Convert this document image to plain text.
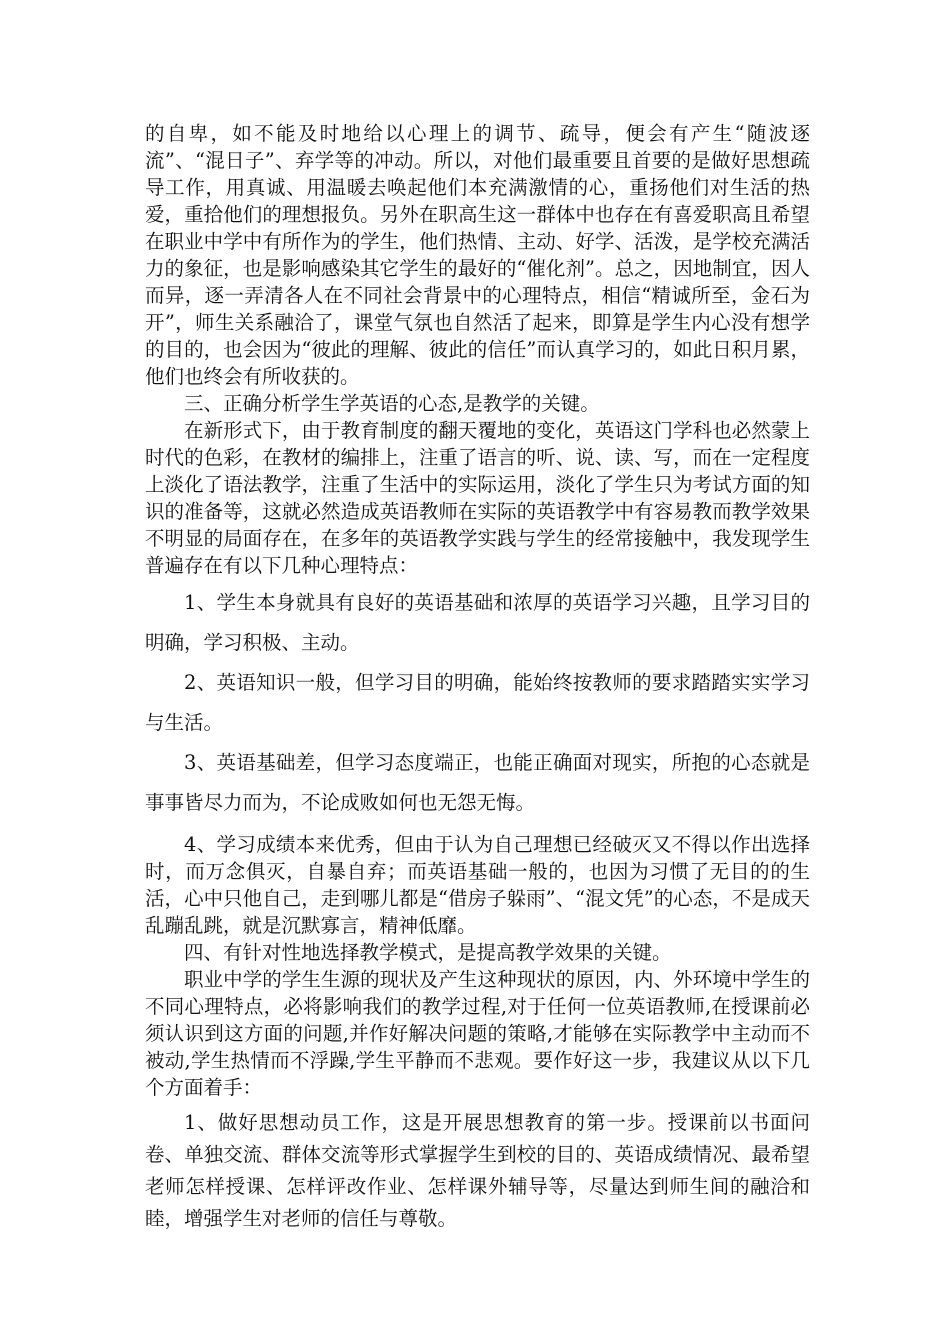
的自卑，如不能及时地给以心理上的调节、疏导，便会有产生“随波逐流”、“混日子”、弃学等的冲动。所以，对他们最重要且首要的是做好思想疏导工作，用真诚、用温暖去唤起他们本充满激情的心，重扬他们对生活的热爱，重拾他们的理想报负。另外在职高生这一群体中也存在有喜爱职高且希望在职业中学中有所作为的学生，他们热情、主动、好学、活泼，是学校充满活力的象征，也是影响感染其它学生的最好的“催化剂”。总之，因地制宜，因人而异，逐一弄清各人在不同社会背景中的心理特点，相信“精诚所至，金石为开”，师生关系融洽了，课堂气氛也自然活了起来，即算是学生内心没有想学的目的，也会因为“彼此的理解、彼此的信任”而认真学习的，如此日积月累，他们也终会有所收获的。

三、正确分析学生学英语的心态,是教学的关键。

在新形式下，由于教育制度的翻天覆地的变化，英语这门学科也必然蒙上时代的色彩，在教材的编排上，注重了语言的听、说、读、写，而在一定程度上淡化了语法教学，注重了生活中的实际运用，淡化了学生只为考试方面的知识的准备等，这就必然造成英语教师在实际的英语教学中有容易教而教学效果不明显的局面存在，在多年的英语教学实践与学生的经常接触中，我发现学生普遍存在有以下几种心理特点：

1、学生本身就具有良好的英语基础和浓厚的英语学习兴趣，且学习目的明确，学习积极、主动。

2、英语知识一般，但学习目的明确，能始终按教师的要求踏踏实实学习与生活。

3、英语基础差，但学习态度端正，也能正确面对现实，所抱的心态就是事事皆尽力而为，不论成败如何也无怨无悔。

4、学习成绩本来优秀，但由于认为自己理想已经破灭又不得以作出选择时，而万念俱灭，自暴自弃；而英语基础一般的，也因为习惯了无目的的生活，心中只他自己，走到哪儿都是“借房子躲雨”、“混文凭”的心态，不是成天乱蹦乱跳，就是沉默寡言，精神低靡。

四、有针对性地选择教学模式，是提高教学效果的关键。

职业中学的学生生源的现状及产生这种现状的原因，内、外环境中学生的不同心理特点，必将影响我们的教学过程,对于任何一位英语教师,在授课前必须认识到这方面的问题,并作好解决问题的策略,才能够在实际教学中主动而不被动,学生热情而不浮躁,学生平静而不悲观。要作好这一步，我建议从以下几个方面着手：

1、做好思想动员工作，这是开展思想教育的第一步。授课前以书面问卷、单独交流、群体交流等形式掌握学生到校的目的、英语成绩情况、最希望老师怎样授课、怎样评改作业、怎样课外辅导等，尽量达到师生间的融洽和睦，增强学生对老师的信任与尊敬。
